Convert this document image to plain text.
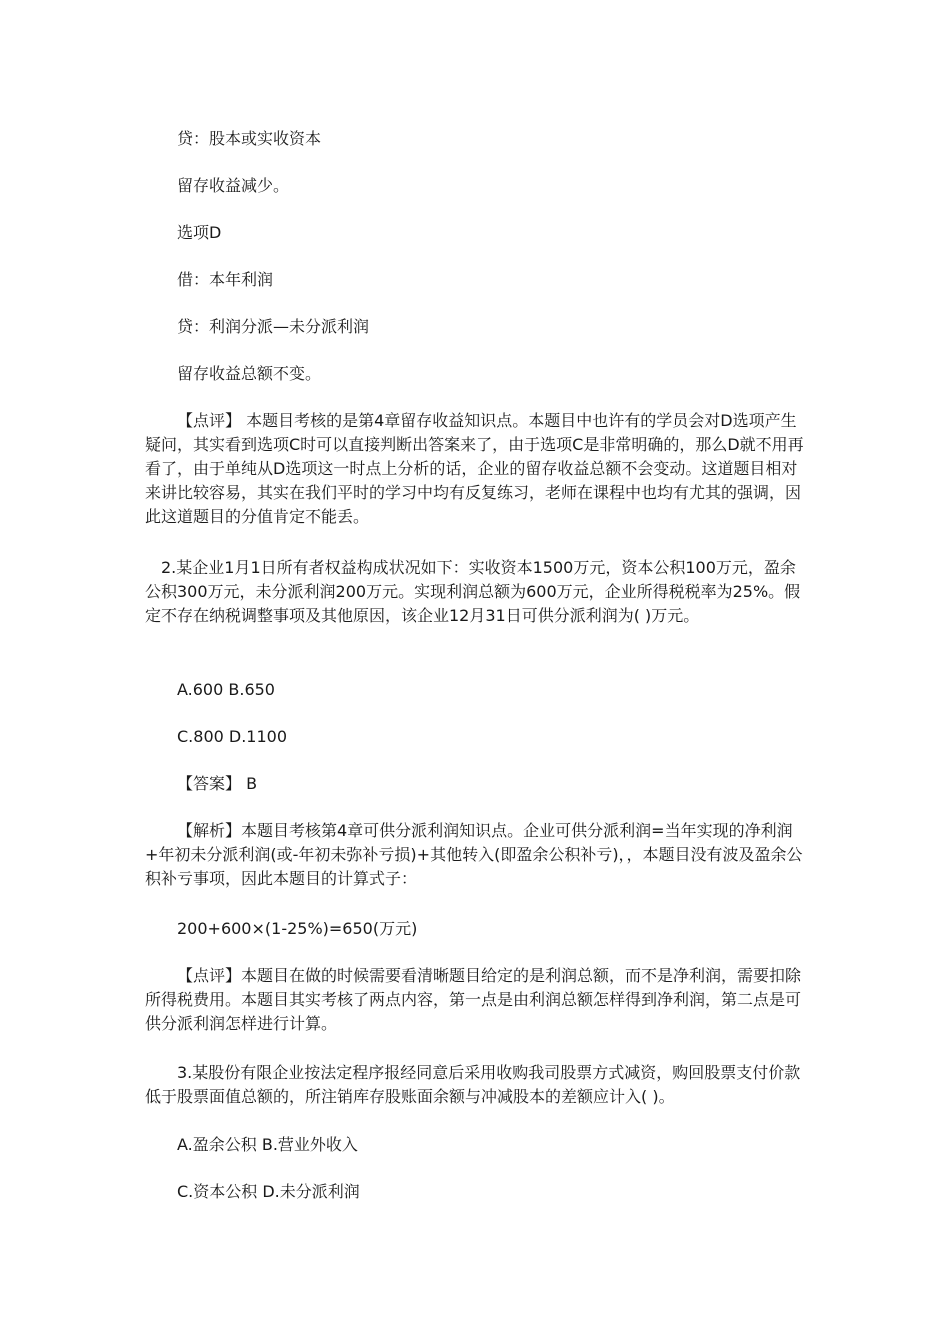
贷：股本或实收资本

留存收益减少。

选项D

借：本年利润

贷：利润分派—未分派利润

留存收益总额不变。

【点评】 本题目考核的是第4章留存收益知识点。本题目中也许有的学员会对D选项产生疑问，其实看到选项C时可以直接判断出答案来了，由于选项C是非常明确的，那么D就不用再看了，由于单纯从D选项这一时点上分析的话，企业的留存收益总额不会变动。这道题目相对来讲比较容易，其实在我们平时的学习中均有反复练习，老师在课程中也均有尤其的强调，因此这道题目的分值肯定不能丢。

2.某企业1月1日所有者权益构成状况如下：实收资本1500万元，资本公积100万元，盈余公积300万元，未分派利润200万元。实现利润总额为600万元，企业所得税税率为25%。假定不存在纳税调整事项及其他原因，该企业12月31日可供分派利润为( )万元。

A.600 B.650

C.800 D.1100

【答案】 B

【解析】本题目考核第4章可供分派利润知识点。企业可供分派利润=当年实现的净利润+年初未分派利润(或-年初未弥补亏损)+其他转入(即盈余公积补亏)，，本题目没有波及盈余公积补亏事项，因此本题目的计算式子：

200+600×(1-25%)=650(万元)

【点评】本题目在做的时候需要看清晰题目给定的是利润总额，而不是净利润，需要扣除所得税费用。本题目其实考核了两点内容，第一点是由利润总额怎样得到净利润，第二点是可供分派利润怎样进行计算。

3.某股份有限企业按法定程序报经同意后采用收购我司股票方式减资，购回股票支付价款低于股票面值总额的，所注销库存股账面余额与冲减股本的差额应计入( )。

A.盈余公积 B.营业外收入

C.资本公积 D.未分派利润
